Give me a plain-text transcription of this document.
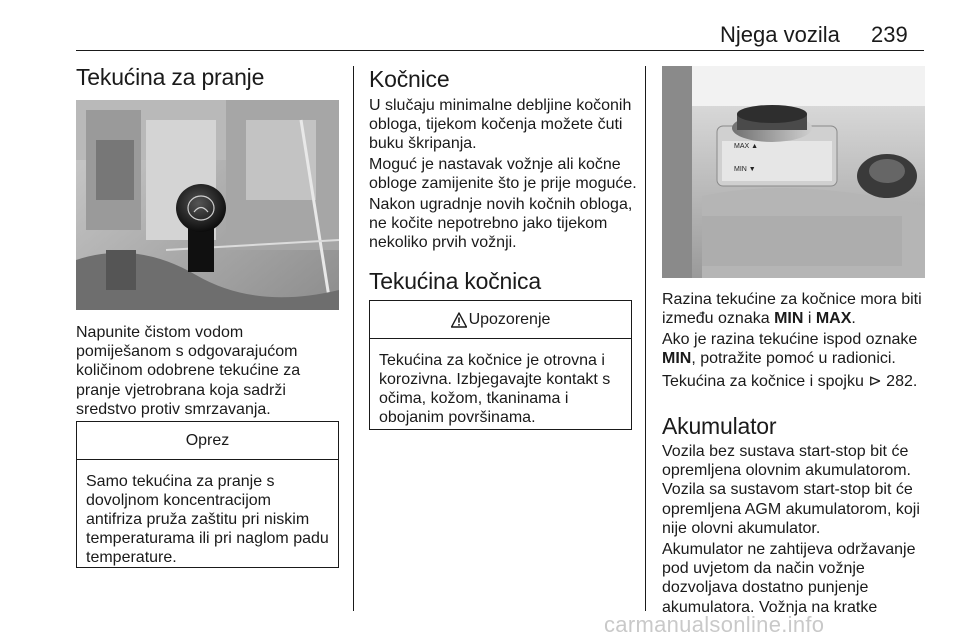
Njega vozila 239
Tekućina za pranje

Napunite čistom vodom
pomiješanom s odgovarajućom
količinom odobrene tekućine za
pranje vjetrobrana koja sadrži
sredstvo protiv smrzavanja.

Oprez
Samo tekućina za pranje s
dovoljnom koncentracijom
antifriza pruža zaštitu pri niskim
temperaturama ili pri naglom padu
temperature.
Kočnice

U slučaju minimalne debljine kočonih
obloga, tijekom kočenja možete čuti
buku škripanja.

Moguć je nastavak vožnje ali kočne
obloge zamijenite što je prije moguće.

Nakon ugradnje novih kočnih obloga,
ne kočite nepotrebno jako tijekom
nekoliko prvih vožnji.

Tekućina kočnica
Upozorenje
Tekućina za kočnice je otrovna i
korozivna. Izbjegavajte kontakt s
očima, kožom, tkaninama i
obojanim površinama.
MAX ▲
MIN ▼

Razina tekućine za kočnice mora biti
između oznaka MIN i MAX.

Ako je razina tekućine ispod oznake
MIN, potražite pomoć u radionici.

Tekućina za kočnice i spojku ⊳ 282.

Akumulator

Vozila bez sustava start-stop bit će
opremljena olovnim akumulatorom.
Vozila sa sustavom start-stop bit će
opremljena AGM akumulatorom, koji
nije olovni akumulator.

Akumulator ne zahtijeva održavanje
pod uvjetom da način vožnje
dozvoljava dostatno punjenje
akumulatora. Vožnja na kratke

carmanualsonline.info
